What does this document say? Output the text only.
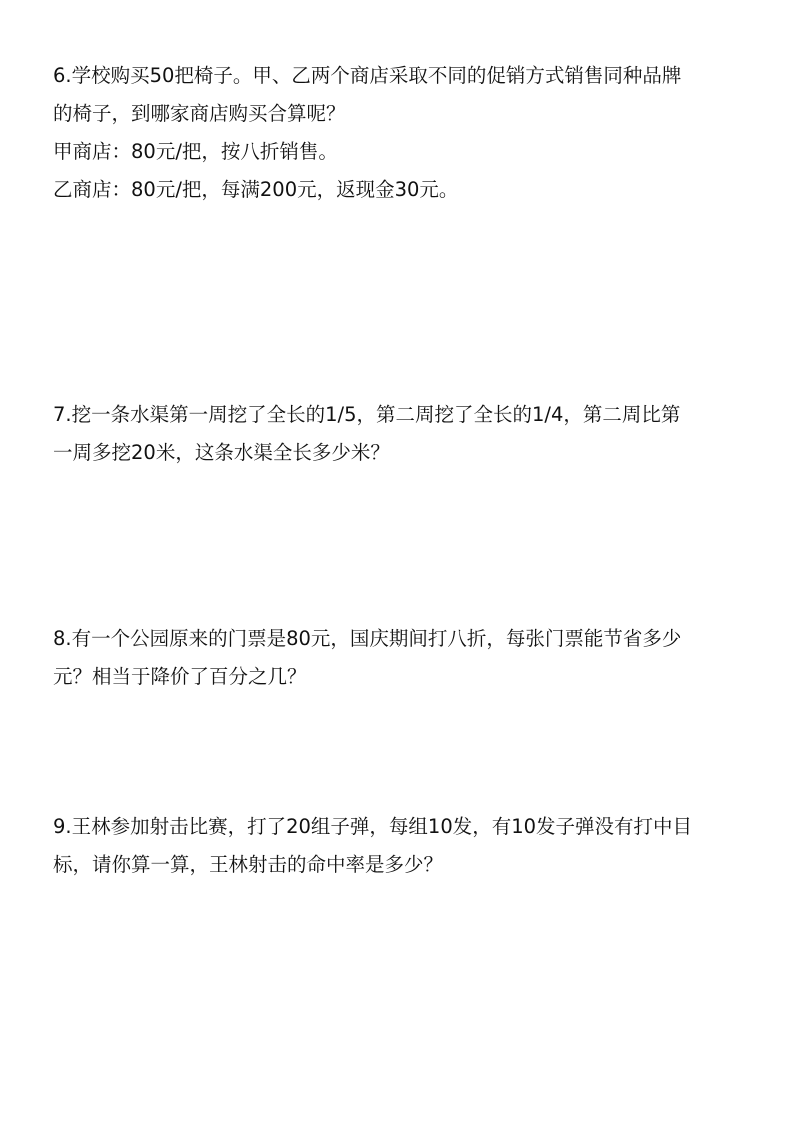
6.学校购买50把椅子。甲、乙两个商店采取不同的促销方式销售同种品牌
的椅子，到哪家商店购买合算呢？
甲商店：80元/把，按八折销售。
乙商店：80元/把，每满200元，返现金30元。
7.挖一条水渠第一周挖了全长的1/5，第二周挖了全长的1/4，第二周比第
一周多挖20米，这条水渠全长多少米？
8.有一个公园原来的门票是80元，国庆期间打八折，每张门票能节省多少
元？相当于降价了百分之几？
9.王林参加射击比赛，打了20组子弹，每组10发，有10发子弹没有打中目
标，请你算一算，王林射击的命中率是多少？
